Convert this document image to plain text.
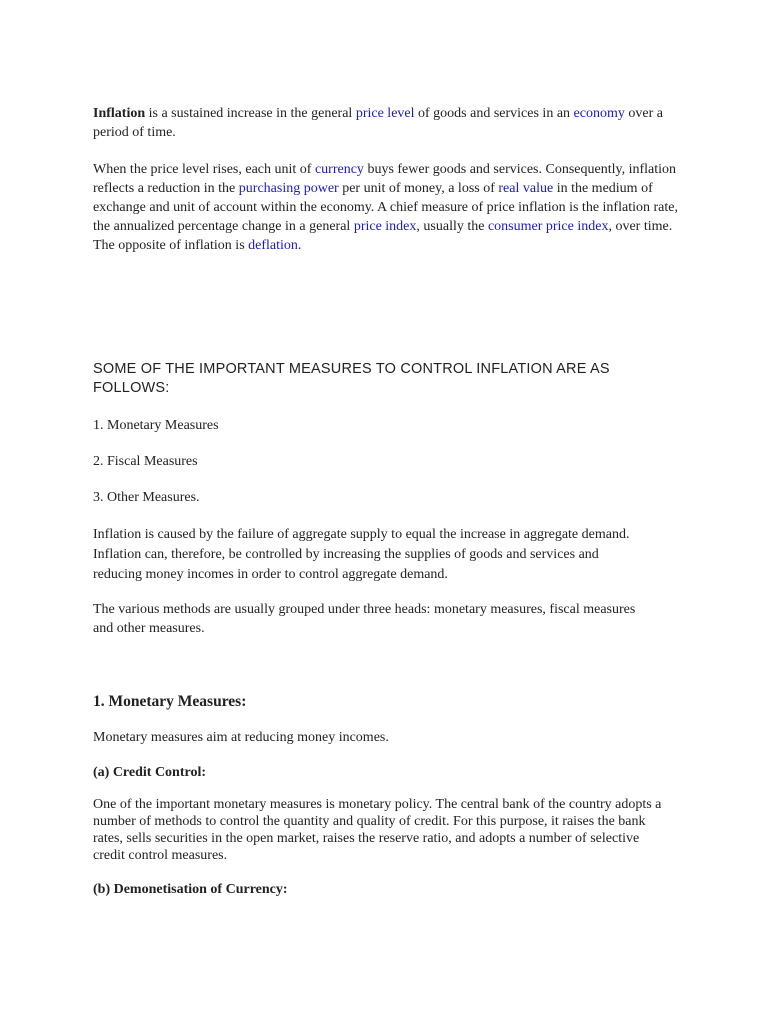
Inflation is a sustained increase in the general price level of goods and services in an economy over a period of time.

When the price level rises, each unit of currency buys fewer goods and services. Consequently, inflation reflects a reduction in the purchasing power per unit of money, a loss of real value in the medium of exchange and unit of account within the economy. A chief measure of price inflation is the inflation rate, the annualized percentage change in a general price index, usually the consumer price index, over time. The opposite of inflation is deflation.

SOME OF THE IMPORTANT MEASURES TO CONTROL INFLATION ARE AS FOLLOWS:

1. Monetary Measures

2. Fiscal Measures

3. Other Measures.

Inflation is caused by the failure of aggregate supply to equal the increase in aggregate demand. Inflation can, therefore, be controlled by increasing the supplies of goods and services and reducing money incomes in order to control aggregate demand.

The various methods are usually grouped under three heads: monetary measures, fiscal measures and other measures.

1. Monetary Measures:

Monetary measures aim at reducing money incomes.

(a) Credit Control:

One of the important monetary measures is monetary policy. The central bank of the country adopts a number of methods to control the quantity and quality of credit. For this purpose, it raises the bank rates, sells securities in the open market, raises the reserve ratio, and adopts a number of selective credit control measures.

(b) Demonetisation of Currency:
